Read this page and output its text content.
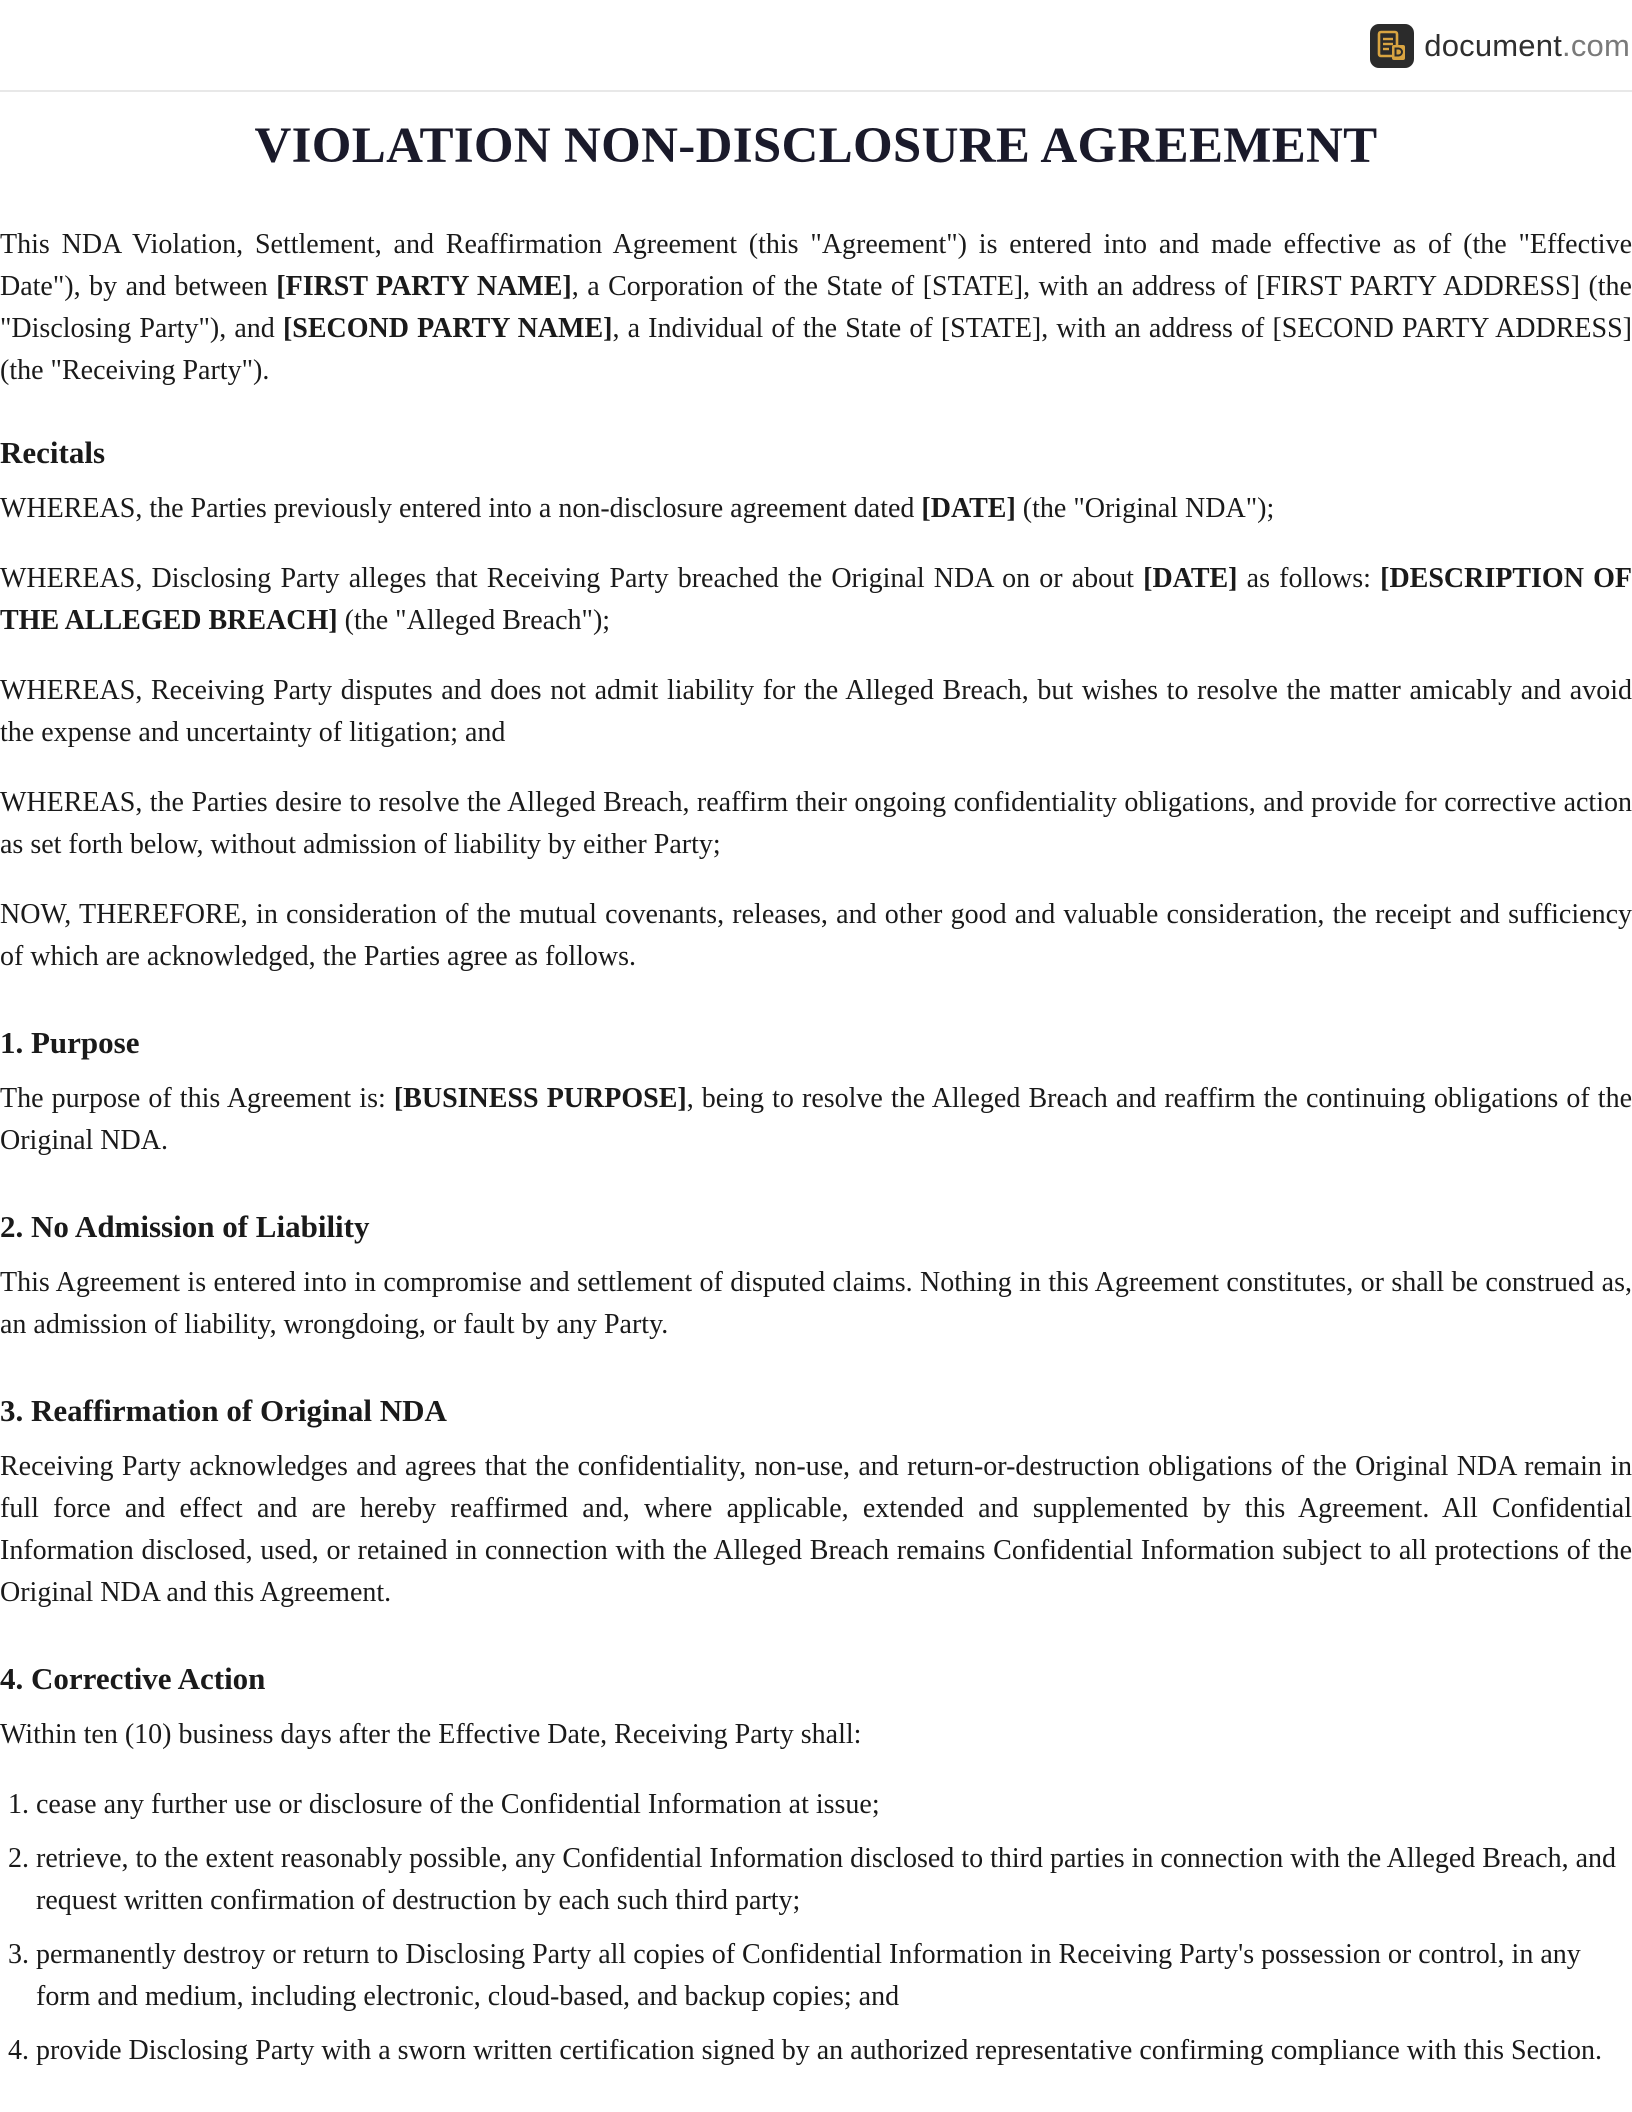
document.com
VIOLATION NON-DISCLOSURE AGREEMENT

This NDA Violation, Settlement, and Reaffirmation Agreement (this "Agreement") is entered into and made effective as of (the "Effective Date"), by and between [FIRST PARTY NAME], a Corporation of the State of [STATE], with an address of [FIRST PARTY ADDRESS] (the "Disclosing Party"), and [SECOND PARTY NAME], a Individual of the State of [STATE], with an address of [SECOND PARTY ADDRESS] (the "Receiving Party").

Recitals

WHEREAS, the Parties previously entered into a non-disclosure agreement dated [DATE] (the "Original NDA");

WHEREAS, Disclosing Party alleges that Receiving Party breached the Original NDA on or about [DATE] as follows: [DESCRIPTION OF THE ALLEGED BREACH] (the "Alleged Breach");

WHEREAS, Receiving Party disputes and does not admit liability for the Alleged Breach, but wishes to resolve the matter amicably and avoid the expense and uncertainty of litigation; and

WHEREAS, the Parties desire to resolve the Alleged Breach, reaffirm their ongoing confidentiality obligations, and provide for corrective action as set forth below, without admission of liability by either Party;

NOW, THEREFORE, in consideration of the mutual covenants, releases, and other good and valuable consideration, the receipt and sufficiency of which are acknowledged, the Parties agree as follows.

1. Purpose

The purpose of this Agreement is: [BUSINESS PURPOSE], being to resolve the Alleged Breach and reaffirm the continuing obligations of the Original NDA.

2. No Admission of Liability

This Agreement is entered into in compromise and settlement of disputed claims. Nothing in this Agreement constitutes, or shall be construed as, an admission of liability, wrongdoing, or fault by any Party.

3. Reaffirmation of Original NDA

Receiving Party acknowledges and agrees that the confidentiality, non-use, and return-or-destruction obligations of the Original NDA remain in full force and effect and are hereby reaffirmed and, where applicable, extended and supplemented by this Agreement. All Confidential Information disclosed, used, or retained in connection with the Alleged Breach remains Confidential Information subject to all protections of the Original NDA and this Agreement.

4. Corrective Action

Within ten (10) business days after the Effective Date, Receiving Party shall:

1. cease any further use or disclosure of the Confidential Information at issue;
2. retrieve, to the extent reasonably possible, any Confidential Information disclosed to third parties in connection with the Alleged Breach, and request written confirmation of destruction by each such third party;
3. permanently destroy or return to Disclosing Party all copies of Confidential Information in Receiving Party's possession or control, in any form and medium, including electronic, cloud-based, and backup copies; and
4. provide Disclosing Party with a sworn written certification signed by an authorized representative confirming compliance with this Section.
